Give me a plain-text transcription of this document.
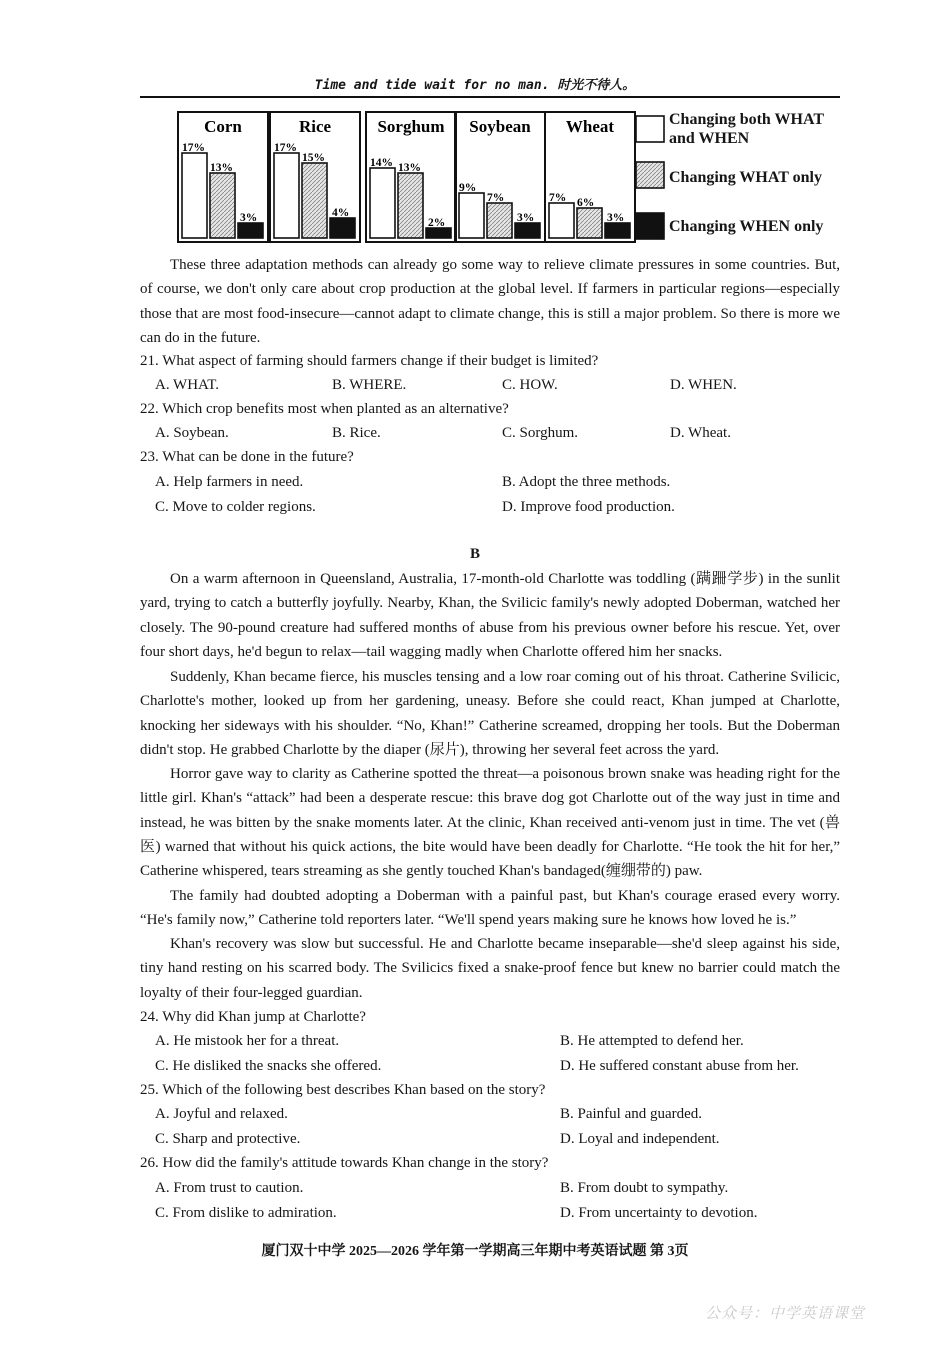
Time and tide wait for no man. 时光不待人。
Corn
17%
13%
3%
Rice
17%
15%
4%
Sorghum
14% 13%
2%
Soybean
9%
7%
3%
Wheat
7% 6%
3%
Changing both WHAT and WHEN
Changing WHAT only
Changing WHEN only

These three adaptation methods can already go some way to relieve climate pressures in some countries. But, of course, we don't only care about crop production at the global level. If farmers in particular regions—especially those that are most food-insecure—cannot adapt to climate change, this is still a major problem. So there is more we can do in the future.

21. What aspect of farming should farmers change if their budget is limited?
A. WHAT.	B. WHERE.	C. HOW.	D. WHEN.
22. Which crop benefits most when planted as an alternative?
A. Soybean.	B. Rice.	C. Sorghum.	D. Wheat.
23. What can be done in the future?
A. Help farmers in need.	B. Adopt the three methods.
C. Move to colder regions.	D. Improve food production.
B

On a warm afternoon in Queensland, Australia, 17-month-old Charlotte was toddling (蹒跚学步) in the sunlit yard, trying to catch a butterfly joyfully. Nearby, Khan, the Svilicic family's newly adopted Doberman, watched her closely. The 90-pound creature had suffered months of abuse from his previous owner before his rescue. Yet, over four short days, he'd begun to relax—tail wagging madly when Charlotte offered him her snacks.

Suddenly, Khan became fierce, his muscles tensing and a low roar coming out of his throat. Catherine Svilicic, Charlotte's mother, looked up from her gardening, uneasy. Before she could react, Khan jumped at Charlotte, knocking her sideways with his shoulder. “No, Khan!” Catherine screamed, dropping her tools. But the Doberman didn't stop. He grabbed Charlotte by the diaper (尿片), throwing her several feet across the yard.

Horror gave way to clarity as Catherine spotted the threat—a poisonous brown snake was heading right for the little girl. Khan's “attack” had been a desperate rescue: this brave dog got Charlotte out of the way just in time and instead, he was bitten by the snake moments later. At the clinic, Khan received anti-venom just in time. The vet (兽医) warned that without his quick actions, the bite would have been deadly for Charlotte. “He took the hit for her,” Catherine whispered, tears streaming as she gently touched Khan's bandaged(缠绷带的) paw.

The family had doubted adopting a Doberman with a painful past, but Khan's courage erased every worry. “He's family now,” Catherine told reporters later. “We'll spend years making sure he knows how loved he is.”

Khan's recovery was slow but successful. He and Charlotte became inseparable—she'd sleep against his side, tiny hand resting on his scarred body. The Svilicics fixed a snake-proof fence but knew no barrier could match the loyalty of their four-legged guardian.

24. Why did Khan jump at Charlotte?
A. He mistook her for a threat.	B. He attempted to defend her.
C. He disliked the snacks she offered.	D. He suffered constant abuse from her.
25. Which of the following best describes Khan based on the story?
A. Joyful and relaxed.	B. Painful and guarded.
C. Sharp and protective.	D. Loyal and independent.
26. How did the family's attitude towards Khan change in the story?
A. From trust to caution.	B. From doubt to sympathy.
C. From dislike to admiration.	D. From uncertainty to devotion.
厦门双十中学 2025—2026 学年第一学期高三年期中考英语试题 第 3页
公众号：中学英语课堂
